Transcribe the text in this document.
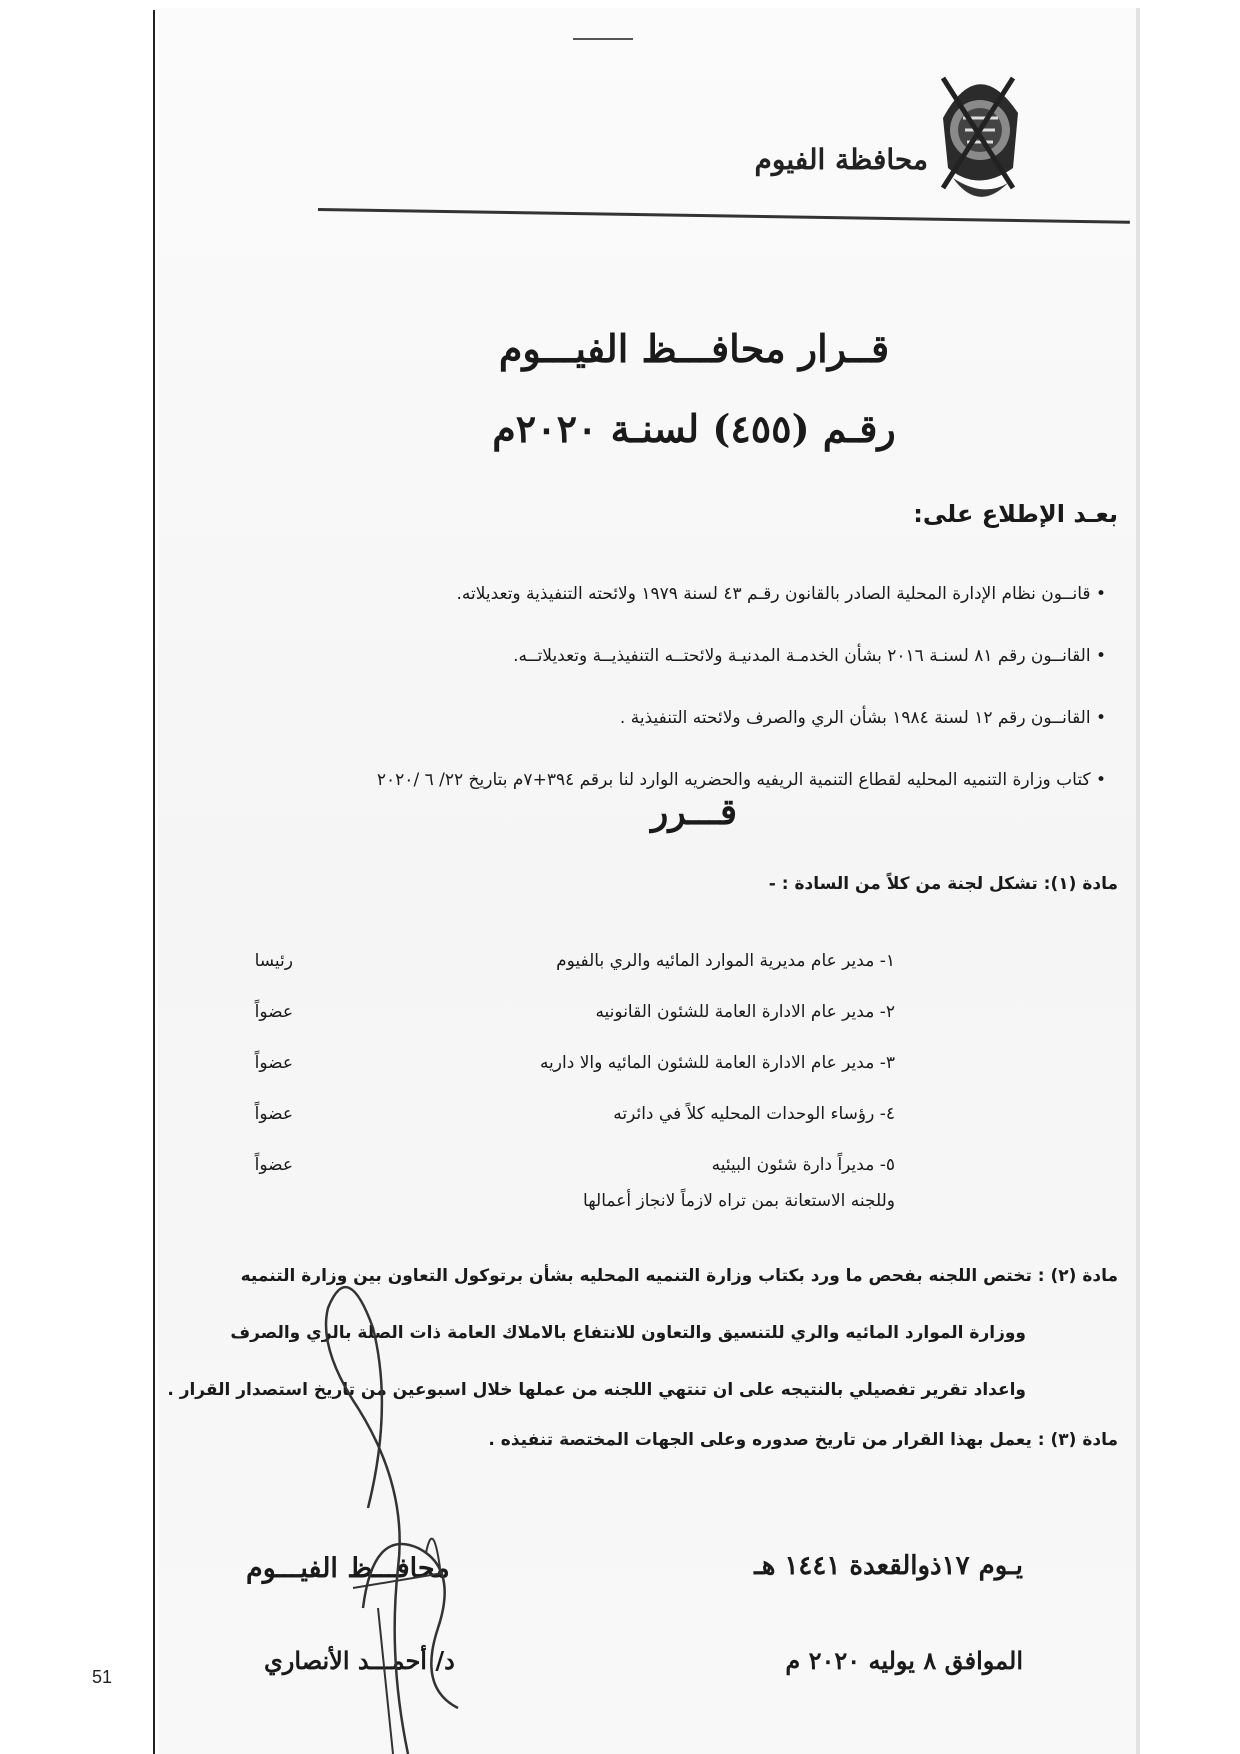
51
محافظة الفيوم
قــرار محافـــظ الفيـــوم
رقـم (٤٥٥) لسنـة ٢٠٢٠م
بعـد الإطلاع على:
• قانــون نظام الإدارة المحلية الصادر بالقانون رقـم ٤٣ لسنة ١٩٧٩ ولائحته التنفيذية وتعديلاته.
• القانــون رقم ٨١ لسنـة ٢٠١٦ بشأن الخدمـة المدنيـة ولائحتــه التنفيذيــة وتعديلاتــه.
• القانــون رقم ١٢ لسنة ١٩٨٤ بشأن الري والصرف ولائحته التنفيذية .
• كتاب وزارة التنميه المحليه لقطاع التنمية الريفيه والحضريه الوارد لنا برقم ٣٩٤+٧م بتاريخ ٢٢/ ٦ /٢٠٢٠
قـــرر
مادة (١): تشكل لجنة من كلاً من السادة : -
١- مدير عام مديرية الموارد المائيه والري بالفيوم
٢- مدير عام الادارة العامة للشئون القانونيه
٣- مدير عام الادارة العامة للشئون المائيه والا داريه
٤- رؤساء الوحدات المحليه كلاً في دائرته
٥- مديراً دارة شئون البيئيه
رئيسا
عضواً
عضواً
عضواً
عضواً
وللجنه الاستعانة بمن تراه لازماً لانجاز أعمالها
مادة (٢) : تختص اللجنه بفحص ما ورد بكتاب وزارة التنميه المحليه بشأن برتوكول التعاون بين وزارة التنميه
ووزارة الموارد المائيه والري للتنسيق والتعاون للانتفاع بالاملاك العامة ذات الصلة بالري والصرف
واعداد تقرير تفصيلي بالنتيجه على ان تنتهي اللجنه من عملها خلال اسبوعين من تاريخ استصدار القرار .
مادة (٣) : يعمل بهذا القرار من تاريخ صدوره وعلى الجهات المختصة تنفيذه .
محافـــظ الفيـــوم
د/ أحمـــد الأنصاري
يـوم ١٧ذوالقعدة ١٤٤١ هـ
الموافق ٨ يوليه ٢٠٢٠ م
